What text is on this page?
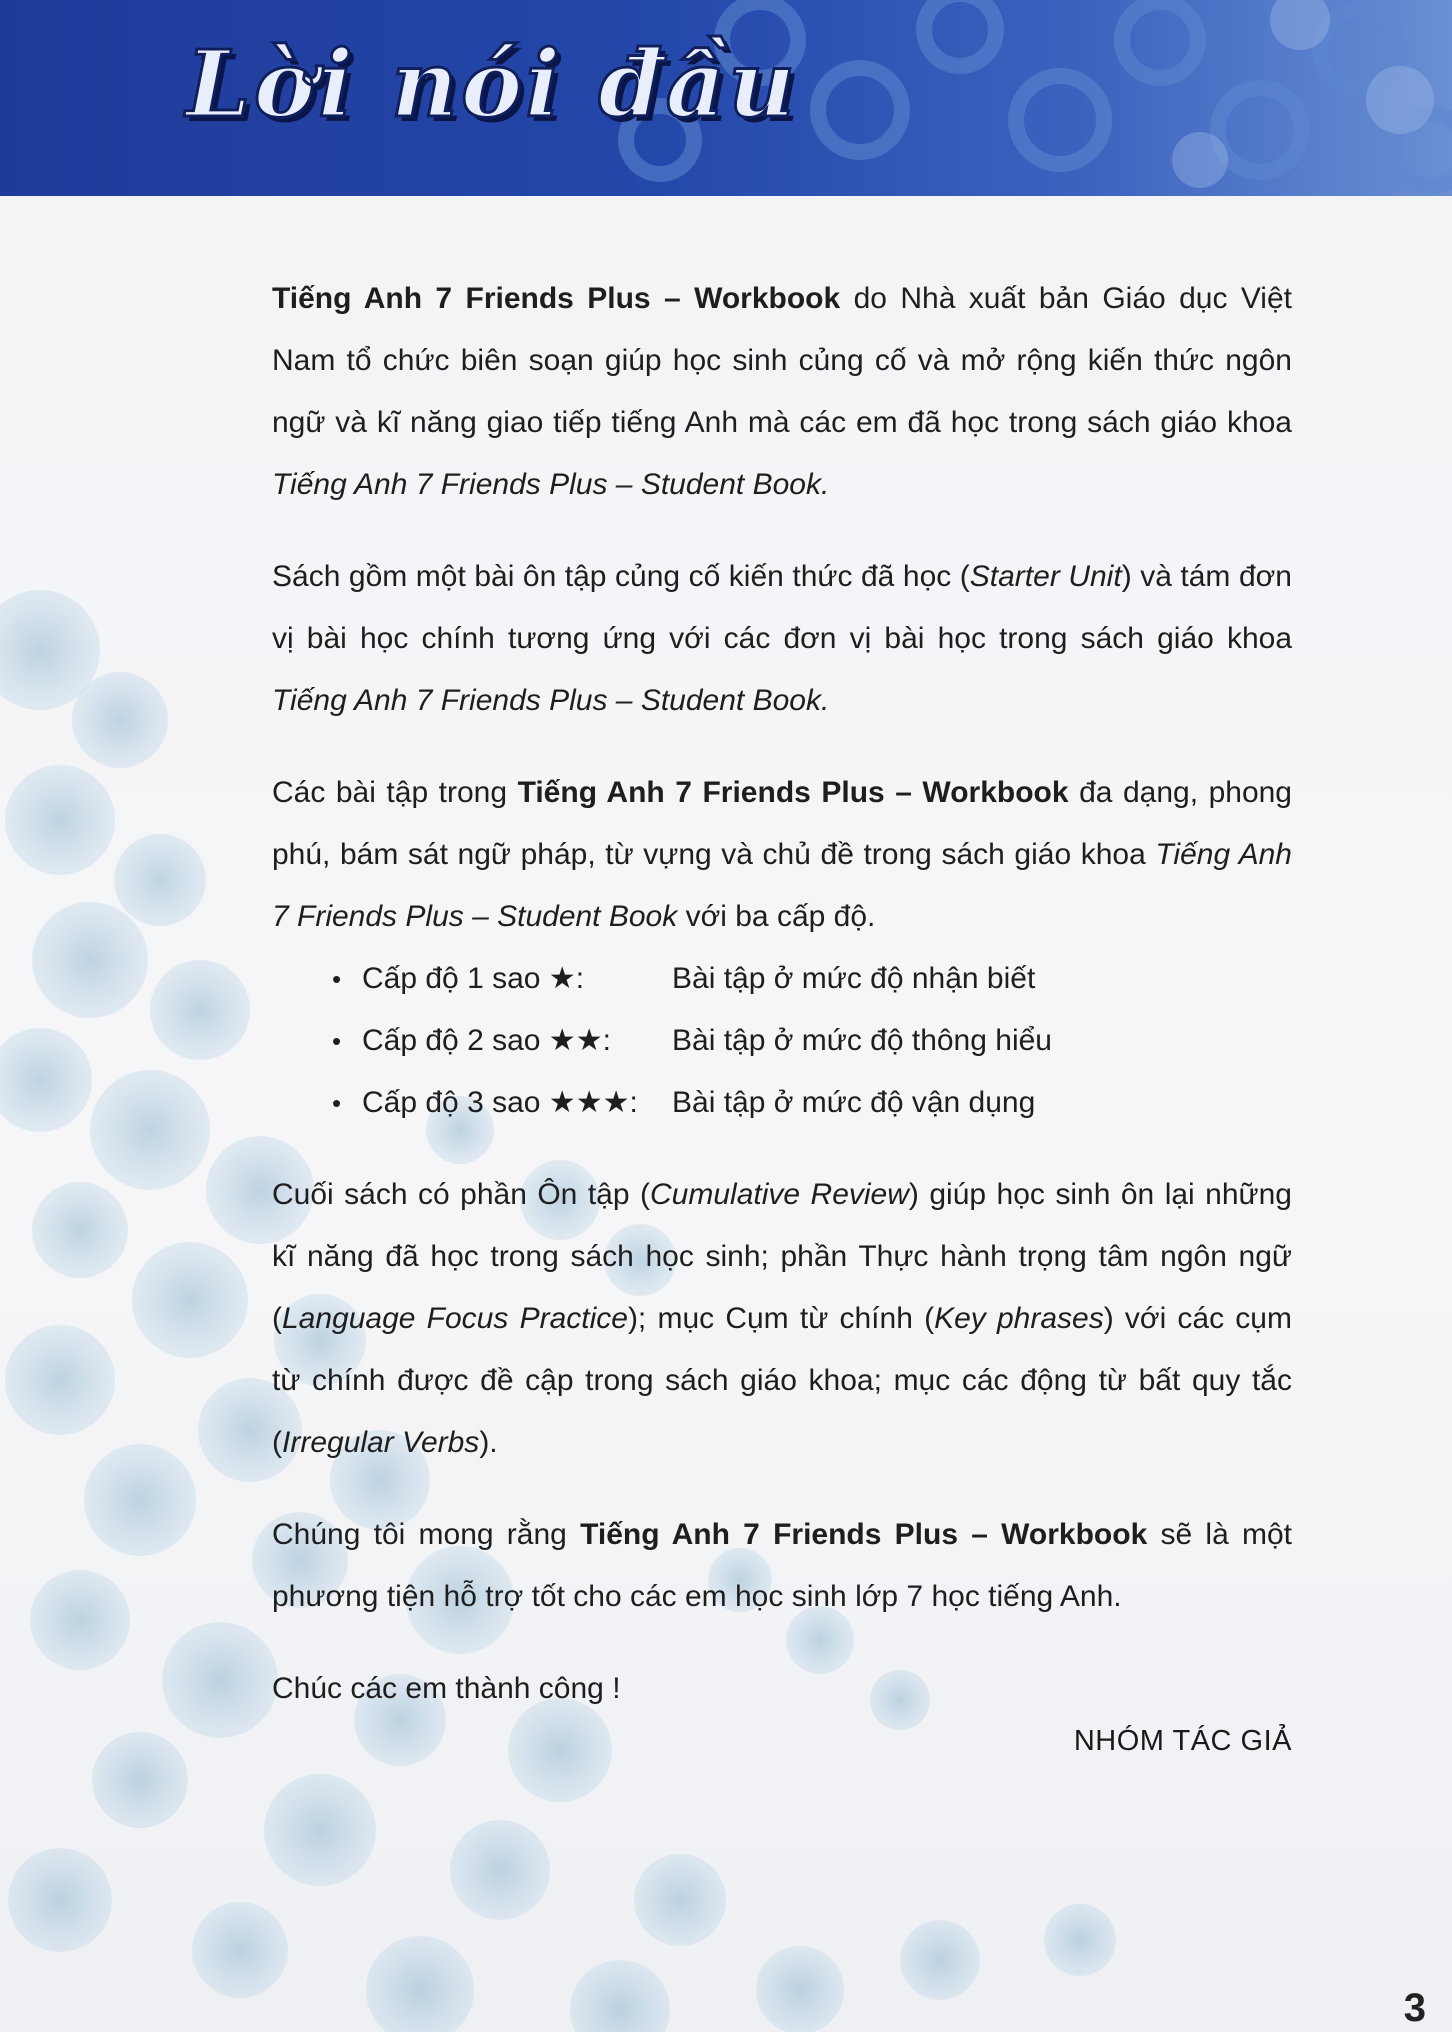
Lời nói đầu

Tiếng Anh 7 Friends Plus – Workbook do Nhà xuất bản Giáo dục Việt Nam tổ chức biên soạn giúp học sinh củng cố và mở rộng kiến thức ngôn ngữ và kĩ năng giao tiếp tiếng Anh mà các em đã học trong sách giáo khoa Tiếng Anh 7 Friends Plus – Student Book.

Sách gồm một bài ôn tập củng cố kiến thức đã học (Starter Unit) và tám đơn vị bài học chính tương ứng với các đơn vị bài học trong sách giáo khoa Tiếng Anh 7 Friends Plus – Student Book.

Các bài tập trong Tiếng Anh 7 Friends Plus – Workbook đa dạng, phong phú, bám sát ngữ pháp, từ vựng và chủ đề trong sách giáo khoa Tiếng Anh 7 Friends Plus – Student Book với ba cấp độ.

• Cấp độ 1 sao ★:	Bài tập ở mức độ nhận biết
• Cấp độ 2 sao ★★:	Bài tập ở mức độ thông hiểu
• Cấp độ 3 sao ★★★:	Bài tập ở mức độ vận dụng

Cuối sách có phần Ôn tập (Cumulative Review) giúp học sinh ôn lại những kĩ năng đã học trong sách học sinh; phần Thực hành trọng tâm ngôn ngữ (Language Focus Practice); mục Cụm từ chính (Key phrases) với các cụm từ chính được đề cập trong sách giáo khoa; mục các động từ bất quy tắc (Irregular Verbs).

Chúng tôi mong rằng Tiếng Anh 7 Friends Plus – Workbook sẽ là một phương tiện hỗ trợ tốt cho các em học sinh lớp 7 học tiếng Anh.

Chúc các em thành công !

NHÓM TÁC GIẢ
3
